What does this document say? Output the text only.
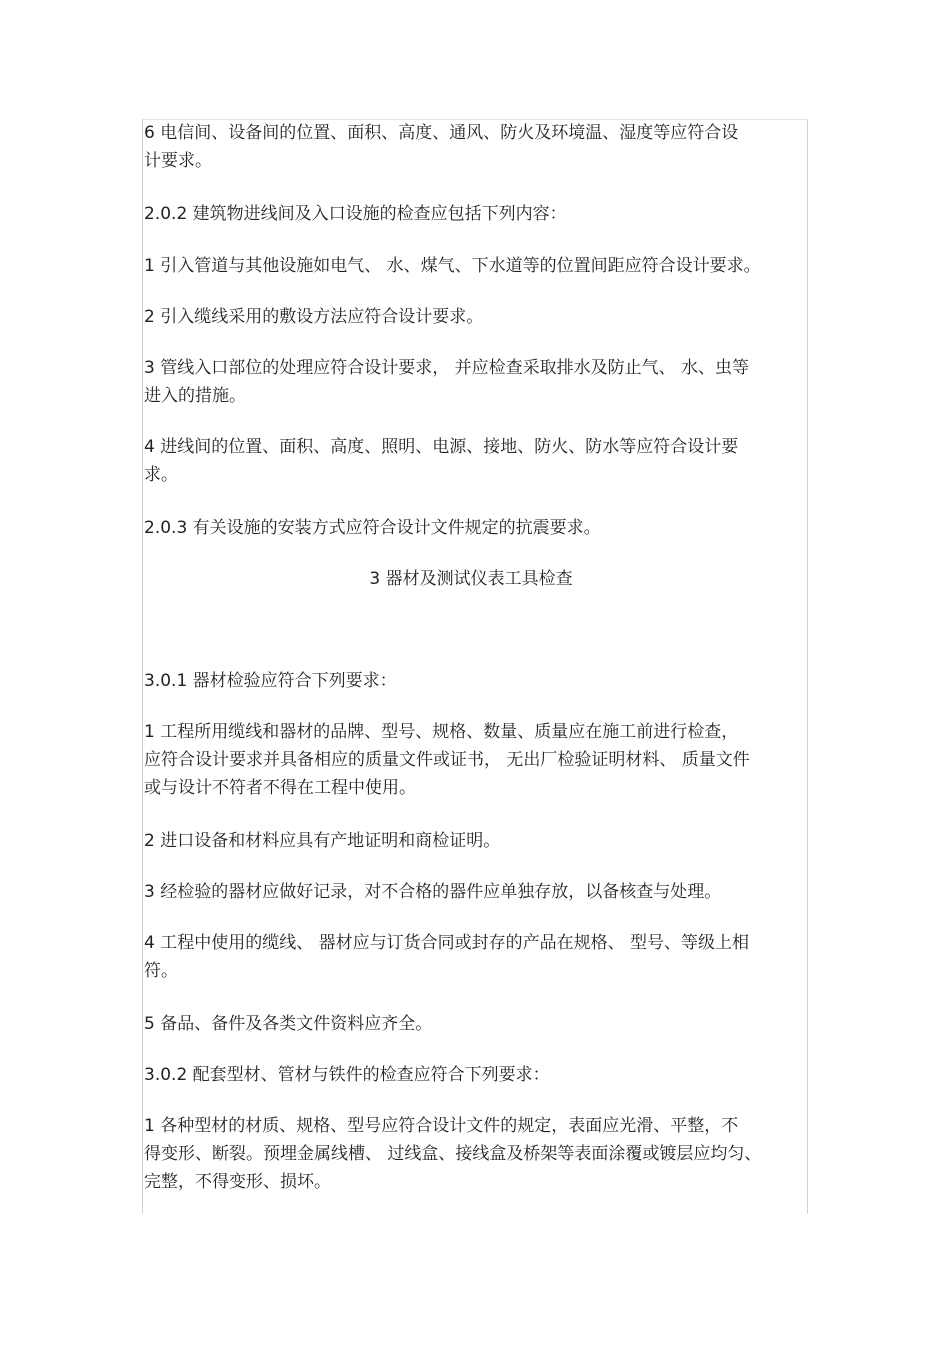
6 电信间、设备间的位置、面积、高度、通风、防火及环境温、湿度等应符合设
计要求。
2.0.2 建筑物进线间及入口设施的检查应包括下列内容：
1 引入管道与其他设施如电气、 水、煤气、下水道等的位置间距应符合设计要求。
2 引入缆线采用的敷设方法应符合设计要求。
3 管线入口部位的处理应符合设计要求， 并应检查采取排水及防止气、 水、虫等
进入的措施。
4 进线间的位置、面积、高度、照明、电源、接地、防火、防水等应符合设计要
求。
2.0.3 有关设施的安装方式应符合设计文件规定的抗震要求。
3 器材及测试仪表工具检查
3.0.1 器材检验应符合下列要求：
1 工程所用缆线和器材的品牌、型号、规格、数量、质量应在施工前进行检查，
应符合设计要求并具备相应的质量文件或证书， 无出厂检验证明材料、 质量文件
或与设计不符者不得在工程中使用。
2 进口设备和材料应具有产地证明和商检证明。
3 经检验的器材应做好记录，对不合格的器件应单独存放，以备核查与处理。
4 工程中使用的缆线、 器材应与订货合同或封存的产品在规格、 型号、等级上相
符。
5 备品、备件及各类文件资料应齐全。
3.0.2 配套型材、管材与铁件的检查应符合下列要求：
1 各种型材的材质、规格、型号应符合设计文件的规定，表面应光滑、平整，不
得变形、断裂。预埋金属线槽、 过线盒、接线盒及桥架等表面涂覆或镀层应均匀、
完整，不得变形、损坏。
